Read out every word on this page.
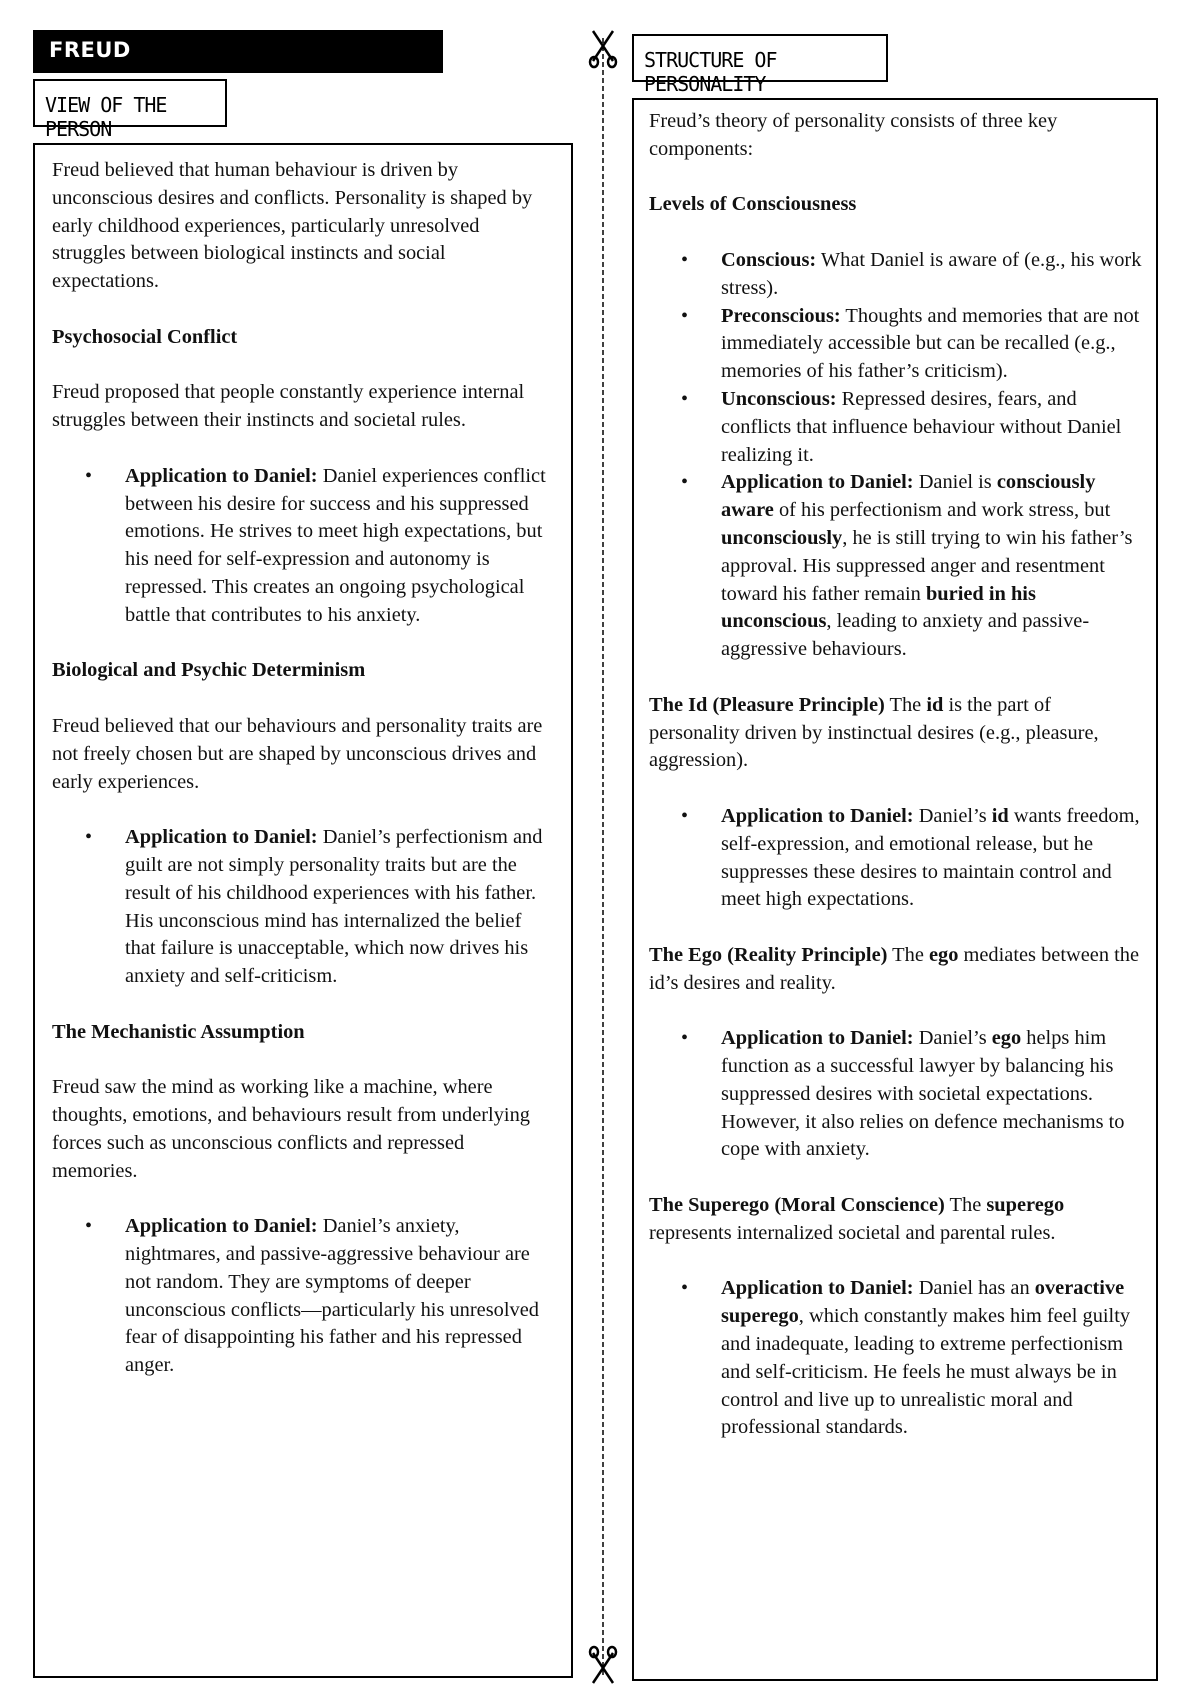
FREUD
VIEW OF THE PERSON

Freud believed that human behaviour is driven by unconscious desires and conflicts. Personality is shaped by early childhood experiences, particularly unresolved struggles between biological instincts and social expectations.

Psychosocial Conflict

Freud proposed that people constantly experience internal struggles between their instincts and societal rules.

• Application to Daniel: Daniel experiences conflict between his desire for success and his suppressed emotions. He strives to meet high expectations, but his need for self-expression and autonomy is repressed. This creates an ongoing psychological battle that contributes to his anxiety.

Biological and Psychic Determinism

Freud believed that our behaviours and personality traits are not freely chosen but are shaped by unconscious drives and early experiences.

• Application to Daniel: Daniel’s perfectionism and guilt are not simply personality traits but are the result of his childhood experiences with his father. His unconscious mind has internalized the belief that failure is unacceptable, which now drives his anxiety and self-criticism.

The Mechanistic Assumption

Freud saw the mind as working like a machine, where thoughts, emotions, and behaviours result from underlying forces such as unconscious conflicts and repressed memories.

• Application to Daniel: Daniel’s anxiety, nightmares, and passive-aggressive behaviour are not random. They are symptoms of deeper unconscious conflicts—particularly his unresolved fear of disappointing his father and his repressed anger.
STRUCTURE OF PERSONALITY

Freud’s theory of personality consists of three key components:

Levels of Consciousness

• Conscious: What Daniel is aware of (e.g., his work stress).
• Preconscious: Thoughts and memories that are not immediately accessible but can be recalled (e.g., memories of his father’s criticism).
• Unconscious: Repressed desires, fears, and conflicts that influence behaviour without Daniel realizing it.
• Application to Daniel: Daniel is consciously aware of his perfectionism and work stress, but unconsciously, he is still trying to win his father’s approval. His suppressed anger and resentment toward his father remain buried in his unconscious, leading to anxiety and passive-aggressive behaviours.

The Id (Pleasure Principle) The id is the part of personality driven by instinctual desires (e.g., pleasure, aggression).

• Application to Daniel: Daniel’s id wants freedom, self-expression, and emotional release, but he suppresses these desires to maintain control and meet high expectations.

The Ego (Reality Principle) The ego mediates between the id’s desires and reality.

• Application to Daniel: Daniel’s ego helps him function as a successful lawyer by balancing his suppressed desires with societal expectations. However, it also relies on defence mechanisms to cope with anxiety.

The Superego (Moral Conscience) The superego represents internalized societal and parental rules.

• Application to Daniel: Daniel has an overactive superego, which constantly makes him feel guilty and inadequate, leading to extreme perfectionism and self-criticism. He feels he must always be in control and live up to unrealistic moral and professional standards.
